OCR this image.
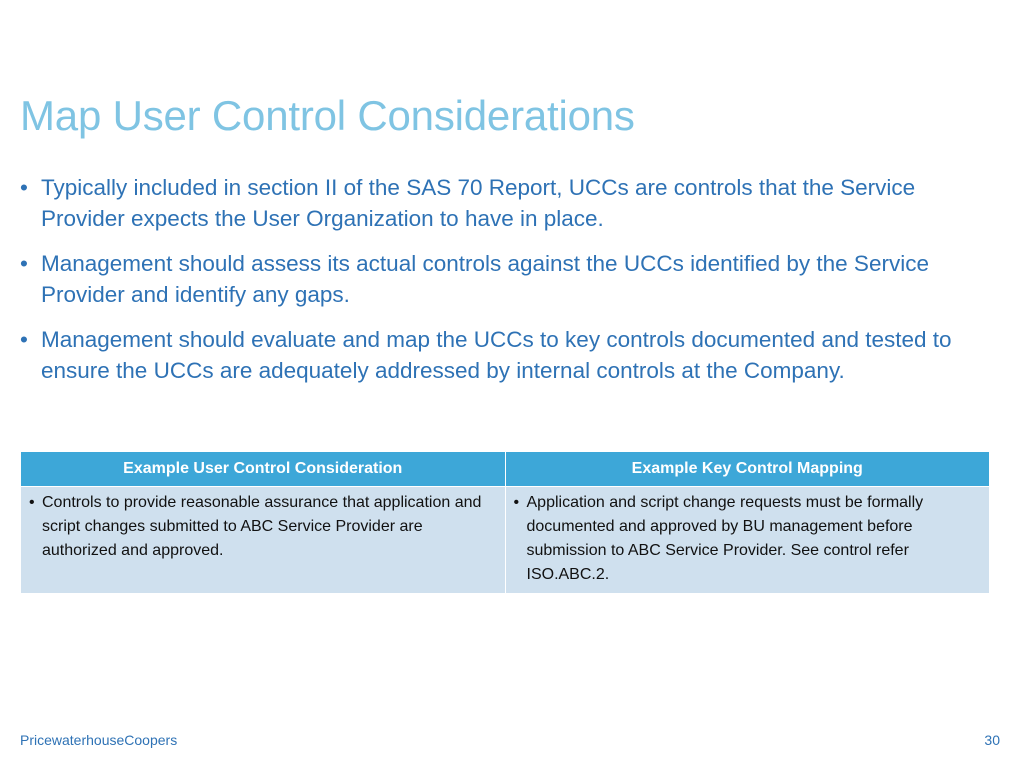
Map User Control Considerations
• Typically included in section II of the SAS 70 Report, UCCs are controls that the Service Provider expects the User Organization to have in place.
• Management should assess its actual controls against the UCCs identified by the Service Provider and identify any gaps.
• Management should evaluate and map the UCCs to key controls documented and tested to ensure the UCCs are adequately addressed by internal controls at the Company.
Example User Control Consideration	Example Key Control Mapping

• Controls to provide reasonable assurance that application and script changes submitted to ABC Service Provider are authorized and approved.	• Application and script change requests must be formally documented and approved by BU management before submission to ABC Service Provider. See control refer ISO.ABC.2.
PricewaterhouseCoopers	30
